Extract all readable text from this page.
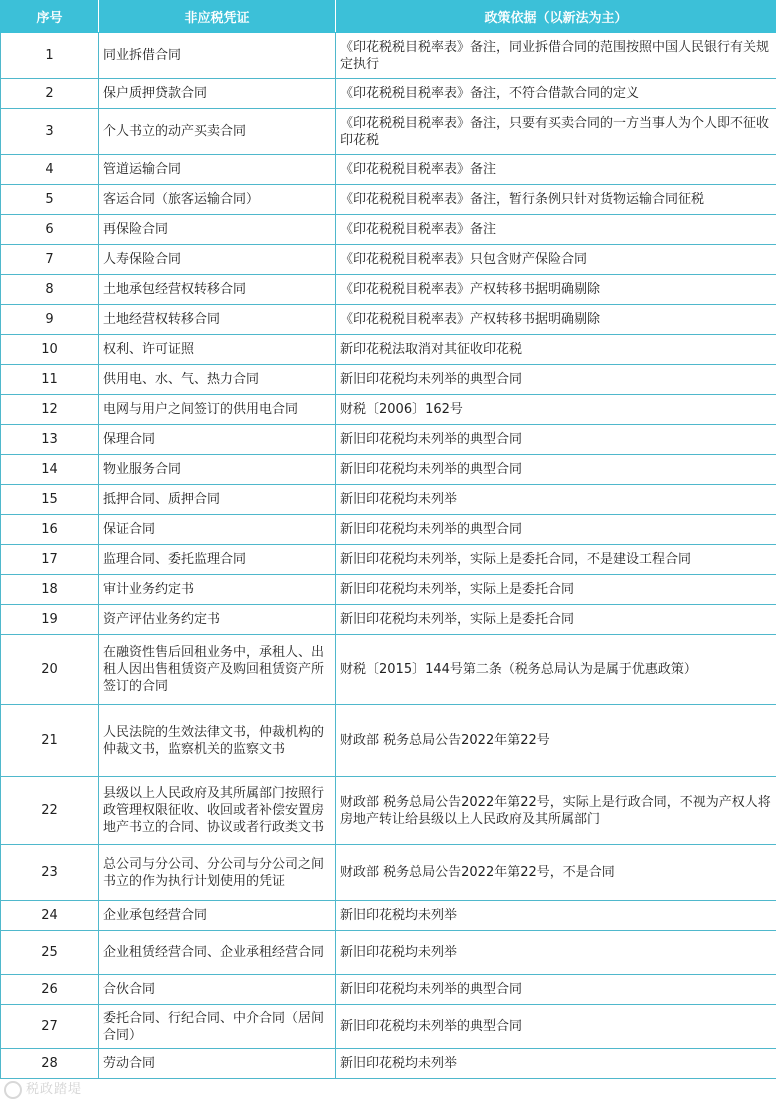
序号	非应税凭证	政策依据（以新法为主）
1	同业拆借合同	《印花税税目税率表》备注，同业拆借合同的范围按照中国人民银行有关规定执行
2	保户质押贷款合同	《印花税税目税率表》备注，不符合借款合同的定义
3	个人书立的动产买卖合同	《印花税税目税率表》备注，只要有买卖合同的一方当事人为个人即不征收印花税
4	管道运输合同	《印花税税目税率表》备注
5	客运合同（旅客运输合同）	《印花税税目税率表》备注，暂行条例只针对货物运输合同征税
6	再保险合同	《印花税税目税率表》备注
7	人寿保险合同	《印花税税目税率表》只包含财产保险合同
8	土地承包经营权转移合同	《印花税税目税率表》产权转移书据明确剔除
9	土地经营权转移合同	《印花税税目税率表》产权转移书据明确剔除
10	权利、许可证照	新印花税法取消对其征收印花税
11	供用电、水、气、热力合同	新旧印花税均未列举的典型合同
12	电网与用户之间签订的供用电合同	财税〔2006〕162号
13	保理合同	新旧印花税均未列举的典型合同
14	物业服务合同	新旧印花税均未列举的典型合同
15	抵押合同、质押合同	新旧印花税均未列举
16	保证合同	新旧印花税均未列举的典型合同
17	监理合同、委托监理合同	新旧印花税均未列举，实际上是委托合同，不是建设工程合同
18	审计业务约定书	新旧印花税均未列举，实际上是委托合同
19	资产评估业务约定书	新旧印花税均未列举，实际上是委托合同
20	在融资性售后回租业务中，承租人、出租人因出售租赁资产及购回租赁资产所签订的合同	财税〔2015〕144号第二条（税务总局认为是属于优惠政策）
21	人民法院的生效法律文书，仲裁机构的仲裁文书，监察机关的监察文书	财政部 税务总局公告2022年第22号
22	县级以上人民政府及其所属部门按照行政管理权限征收、收回或者补偿安置房地产书立的合同、协议或者行政类文书	财政部 税务总局公告2022年第22号，实际上是行政合同，不视为产权人将房地产转让给县级以上人民政府及其所属部门
23	总公司与分公司、分公司与分公司之间书立的作为执行计划使用的凭证	财政部 税务总局公告2022年第22号，不是合同
24	企业承包经营合同	新旧印花税均未列举
25	企业租赁经营合同、企业承租经营合同	新旧印花税均未列举
26	合伙合同	新旧印花税均未列举的典型合同
27	委托合同、行纪合同、中介合同（居间合同）	新旧印花税均未列举的典型合同
28	劳动合同	新旧印花税均未列举
税政踏堤
